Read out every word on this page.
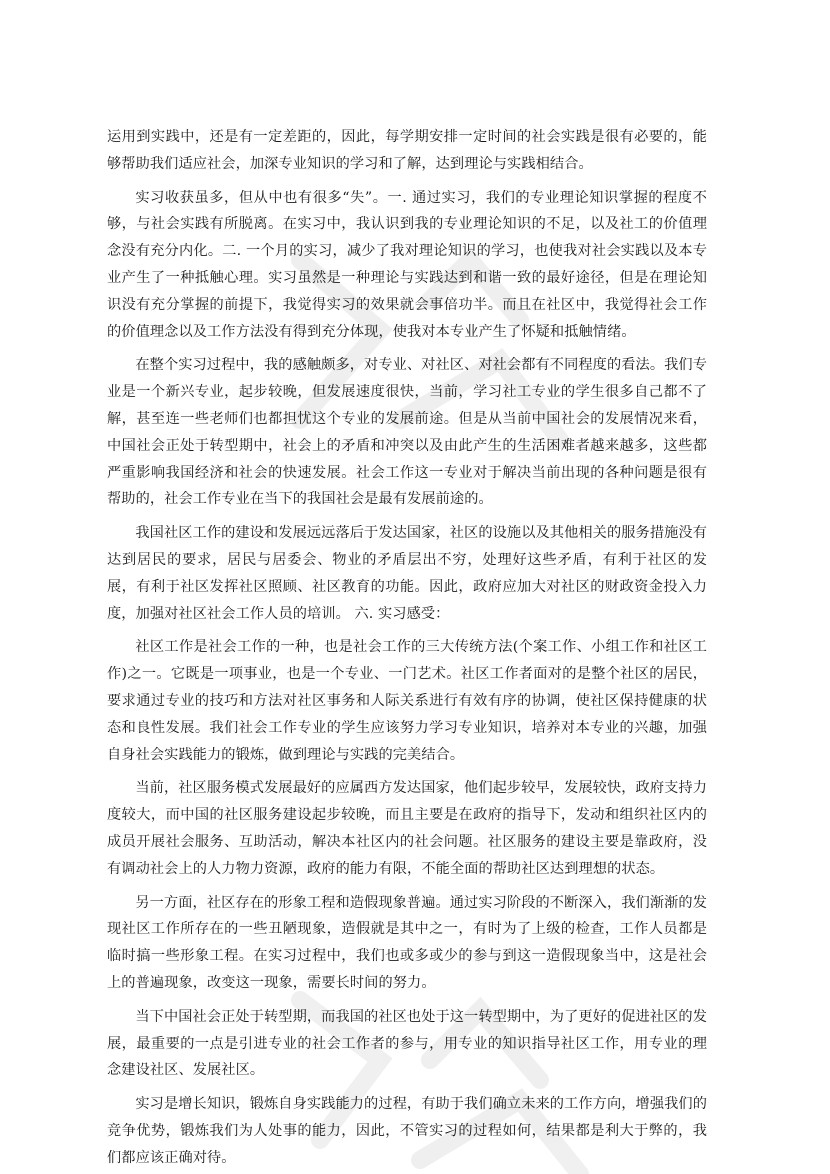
运用到实践中，还是有一定差距的，因此，每学期安排一定时间的社会实践是很有必要的，能够帮助我们适应社会，加深专业知识的学习和了解，达到理论与实践相结合。

实习收获虽多，但从中也有很多“失”。一. 通过实习，我们的专业理论知识掌握的程度不够，与社会实践有所脱离。在实习中，我认识到我的专业理论知识的不足，以及社工的价值理念没有充分内化。二. 一个月的实习，减少了我对理论知识的学习，也使我对社会实践以及本专业产生了一种抵触心理。实习虽然是一种理论与实践达到和谐一致的最好途径，但是在理论知识没有充分掌握的前提下，我觉得实习的效果就会事倍功半。而且在社区中，我觉得社会工作的价值理念以及工作方法没有得到充分体现，使我对本专业产生了怀疑和抵触情绪。

在整个实习过程中，我的感触颇多，对专业、对社区、对社会都有不同程度的看法。我们专业是一个新兴专业，起步较晚，但发展速度很快，当前，学习社工专业的学生很多自己都不了解，甚至连一些老师们也都担忧这个专业的发展前途。但是从当前中国社会的发展情况来看，中国社会正处于转型期中，社会上的矛盾和冲突以及由此产生的生活困难者越来越多，这些都严重影响我国经济和社会的快速发展。社会工作这一专业对于解决当前出现的各种问题是很有帮助的，社会工作专业在当下的我国社会是最有发展前途的。

我国社区工作的建设和发展远远落后于发达国家，社区的设施以及其他相关的服务措施没有达到居民的要求，居民与居委会、物业的矛盾层出不穷，处理好这些矛盾，有利于社区的发展，有利于社区发挥社区照顾、社区教育的功能。因此，政府应加大对社区的财政资金投入力度，加强对社区社会工作人员的培训。 六. 实习感受：

社区工作是社会工作的一种，也是社会工作的三大传统方法(个案工作、小组工作和社区工作)之一。它既是一项事业，也是一个专业、一门艺术。社区工作者面对的是整个社区的居民，要求通过专业的技巧和方法对社区事务和人际关系进行有效有序的协调，使社区保持健康的状态和良性发展。我们社会工作专业的学生应该努力学习专业知识，培养对本专业的兴趣，加强自身社会实践能力的锻炼，做到理论与实践的完美结合。

当前，社区服务模式发展最好的应属西方发达国家，他们起步较早，发展较快，政府支持力度较大，而中国的社区服务建设起步较晚，而且主要是在政府的指导下，发动和组织社区内的成员开展社会服务、互助活动，解决本社区内的社会问题。社区服务的建设主要是靠政府，没有调动社会上的人力物力资源，政府的能力有限，不能全面的帮助社区达到理想的状态。

另一方面，社区存在的形象工程和造假现象普遍。通过实习阶段的不断深入，我们渐渐的发现社区工作所存在的一些丑陋现象，造假就是其中之一，有时为了上级的检查，工作人员都是临时搞一些形象工程。在实习过程中，我们也或多或少的参与到这一造假现象当中，这是社会上的普遍现象，改变这一现象，需要长时间的努力。

当下中国社会正处于转型期，而我国的社区也处于这一转型期中，为了更好的促进社区的发展，最重要的一点是引进专业的社会工作者的参与，用专业的知识指导社区工作，用专业的理念建设社区、发展社区。

实习是增长知识，锻炼自身实践能力的过程，有助于我们确立未来的工作方向，增强我们的竞争优势，锻炼我们为人处事的能力，因此，不管实习的过程如何，结果都是利大于弊的，我们都应该正确对待。
